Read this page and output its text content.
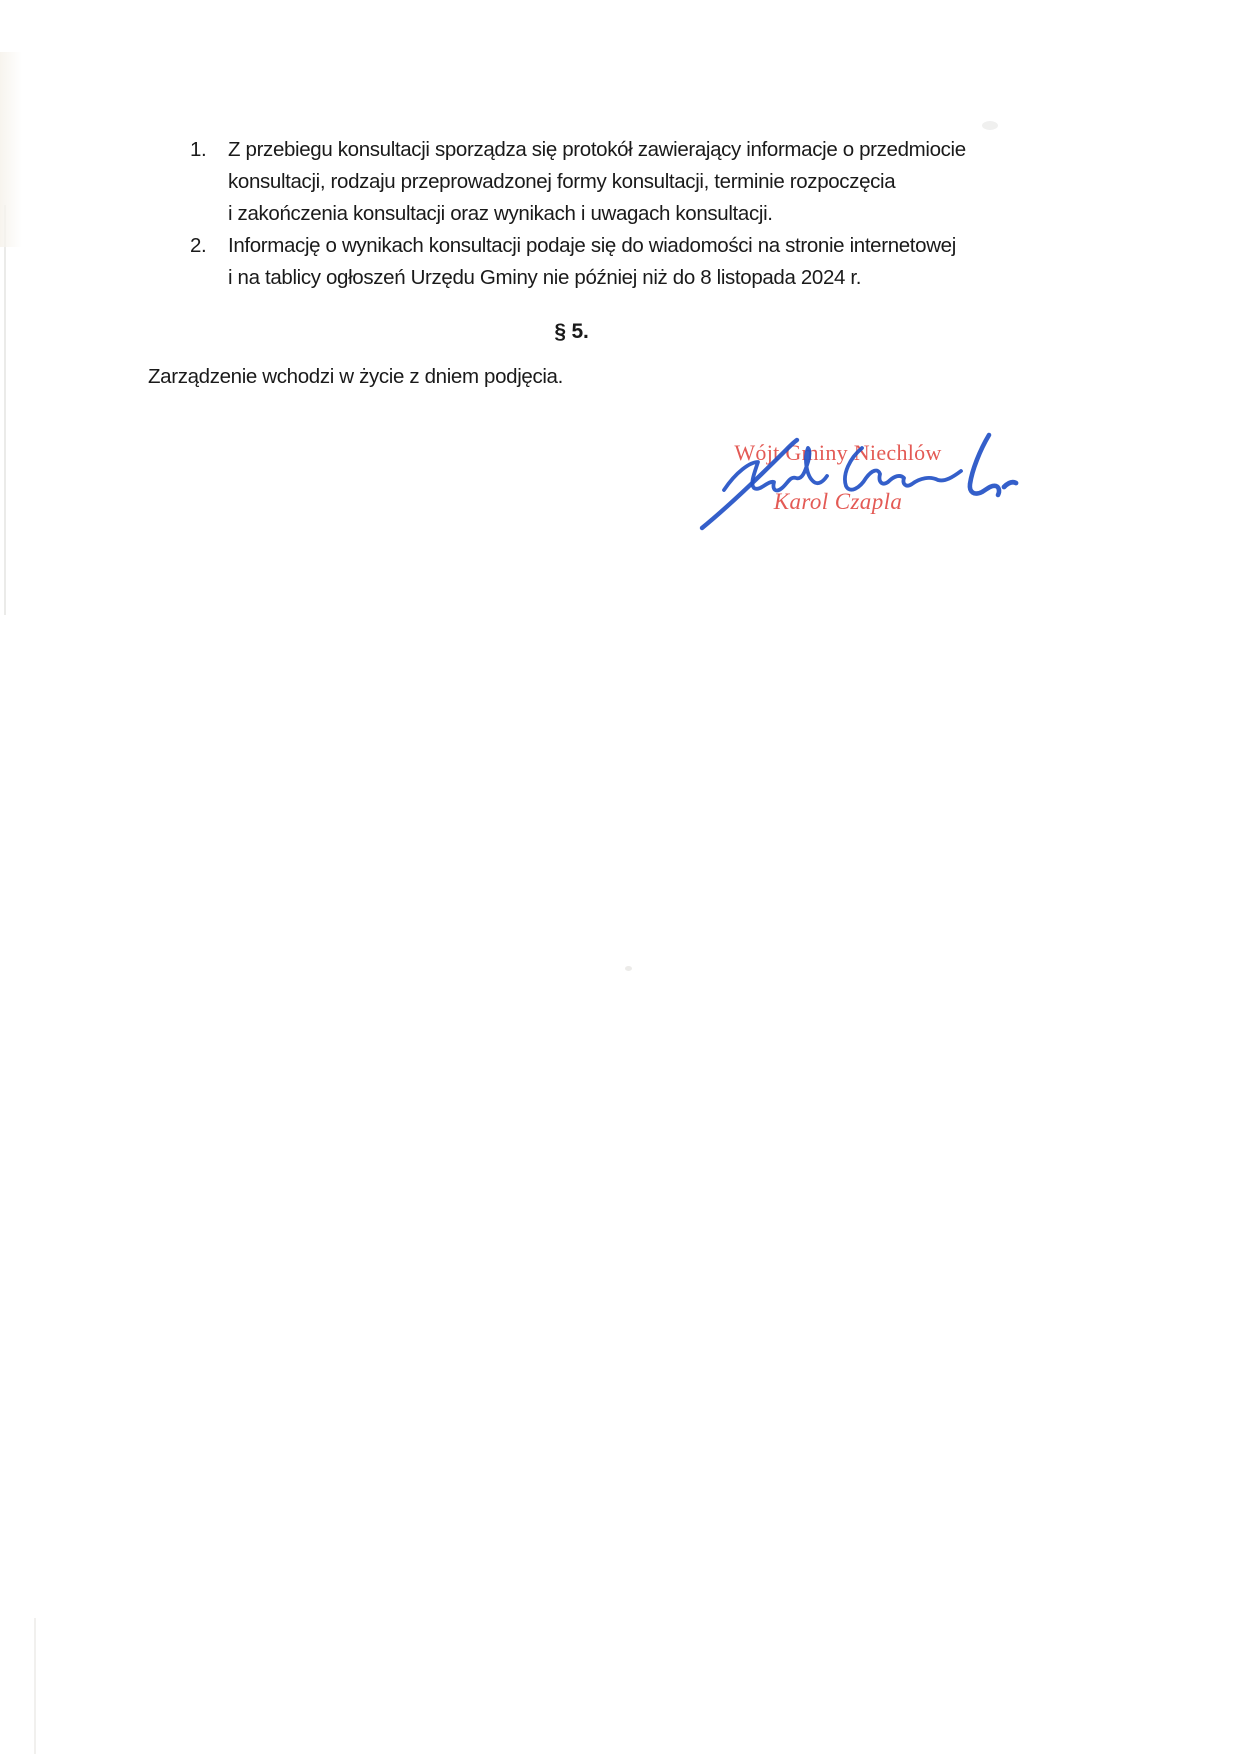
1.	Z przebiegu konsultacji sporządza się protokół zawierający informacje o przedmiocie
konsultacji, rodzaju przeprowadzonej formy konsultacji, terminie rozpoczęcia
i zakończenia konsultacji oraz wynikach i uwagach konsultacji.
2.	Informację o wynikach konsultacji podaje się do wiadomości na stronie internetowej
i na tablicy ogłoszeń Urzędu Gminy nie później niż do 8 listopada 2024 r.
§ 5.
Zarządzenie wchodzi w życie z dniem podjęcia.
Wójt Gminy Niechlów
Karol Czapla
